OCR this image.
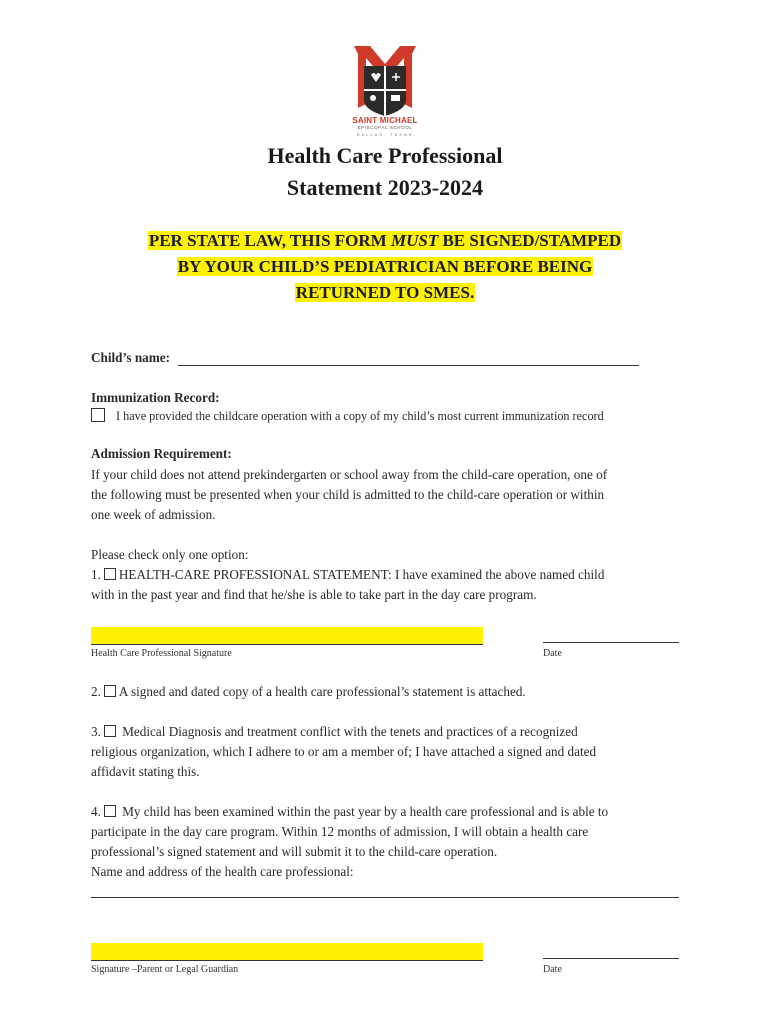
SAINT MICHAEL
EPISCOPAL SCHOOL
DALLAS, TEXAS
Health Care Professional
Statement 2023-2024
PER STATE LAW, THIS FORM MUST BE SIGNED/STAMPED
BY YOUR CHILD’S PEDIATRICIAN BEFORE BEING
RETURNED TO SMES.
Child’s name:
Immunization Record:
I have provided the childcare operation with a copy of my child’s most current immunization record
Admission Requirement:
If your child does not attend prekindergarten or school away from the child-care operation, one of
the following must be presented when your child is admitted to the child-care operation or within
one week of admission.
Please check only one option:
1. HEALTH-CARE PROFESSIONAL STATEMENT: I have examined the above named child
with in the past year and find that he/she is able to take part in the day care program.
Health Care Professional Signature	Date
2. A signed and dated copy of a health care professional’s statement is attached.
3. Medical Diagnosis and treatment conflict with the tenets and practices of a recognized
religious organization, which I adhere to or am a member of; I have attached a signed and dated
affidavit stating this.
4. My child has been examined within the past year by a health care professional and is able to
participate in the day care program. Within 12 months of admission, I will obtain a health care
professional’s signed statement and will submit it to the child-care operation.
Name and address of the health care professional:
Signature –Parent or Legal Guardian	Date
